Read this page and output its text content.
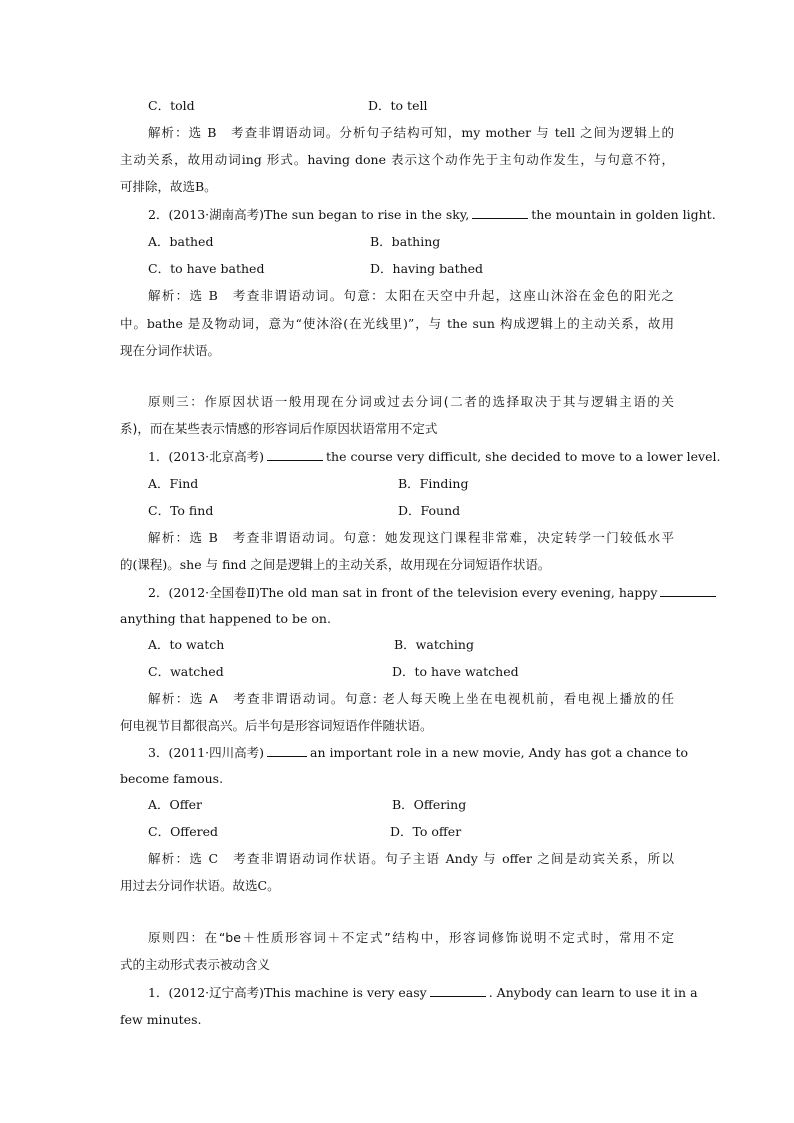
C．told	D．to tell
解析：选 B　考查非谓语动词。分析句子结构可知，my mother 与 tell 之间为逻辑上的
主动关系，故用动词ing 形式。having done 表示这个动作先于主句动作发生，与句意不符，
可排除，故选B。
2．(2013·湖南高考)The sun began to rise in the sky,	the mountain in golden light.
A．bathed	B．bathing
C．to have bathed	D．having bathed
解析：选 B　考查非谓语动词。句意：太阳在天空中升起，这座山沐浴在金色的阳光之
中。bathe 是及物动词，意为“使沐浴(在光线里)”，与 the sun 构成逻辑上的主动关系，故用
现在分词作状语。
原则三：作原因状语一般用现在分词或过去分词(二者的选择取决于其与逻辑主语的关
系)，而在某些表示情感的形容词后作原因状语常用不定式
1．(2013·北京高考)	the course very difficult, she decided to move to a lower level.
A．Find	B．Finding
C．To find	D．Found
解析：选 B　考查非谓语动词。句意：她发现这门课程非常难，决定转学一门较低水平
的(课程)。she 与 find 之间是逻辑上的主动关系，故用现在分词短语作状语。
2．(2012·全国卷Ⅱ)The old man sat in front of the television every evening, happy
anything that happened to be on.
A．to watch	B．watching
C．watched	D．to have watched
解析：选 A　考查非谓语动词。句意: 老人每天晚上坐在电视机前，看电视上播放的任
何电视节目都很高兴。后半句是形容词短语作伴随状语。
3．(2011·四川高考)	an important role in a new movie, Andy has got a chance to
become famous.
A．Offer	B．Offering
C．Offered	D．To offer
解析：选 C　考查非谓语动词作状语。句子主语 Andy 与 offer 之间是动宾关系，所以
用过去分词作状语。故选C。
原则四：在“be＋性质形容词＋不定式”结构中，形容词修饰说明不定式时，常用不定
式的主动形式表示被动含义
1．(2012·辽宁高考)This machine is very easy	. Anybody can learn to use it in a
few minutes.
